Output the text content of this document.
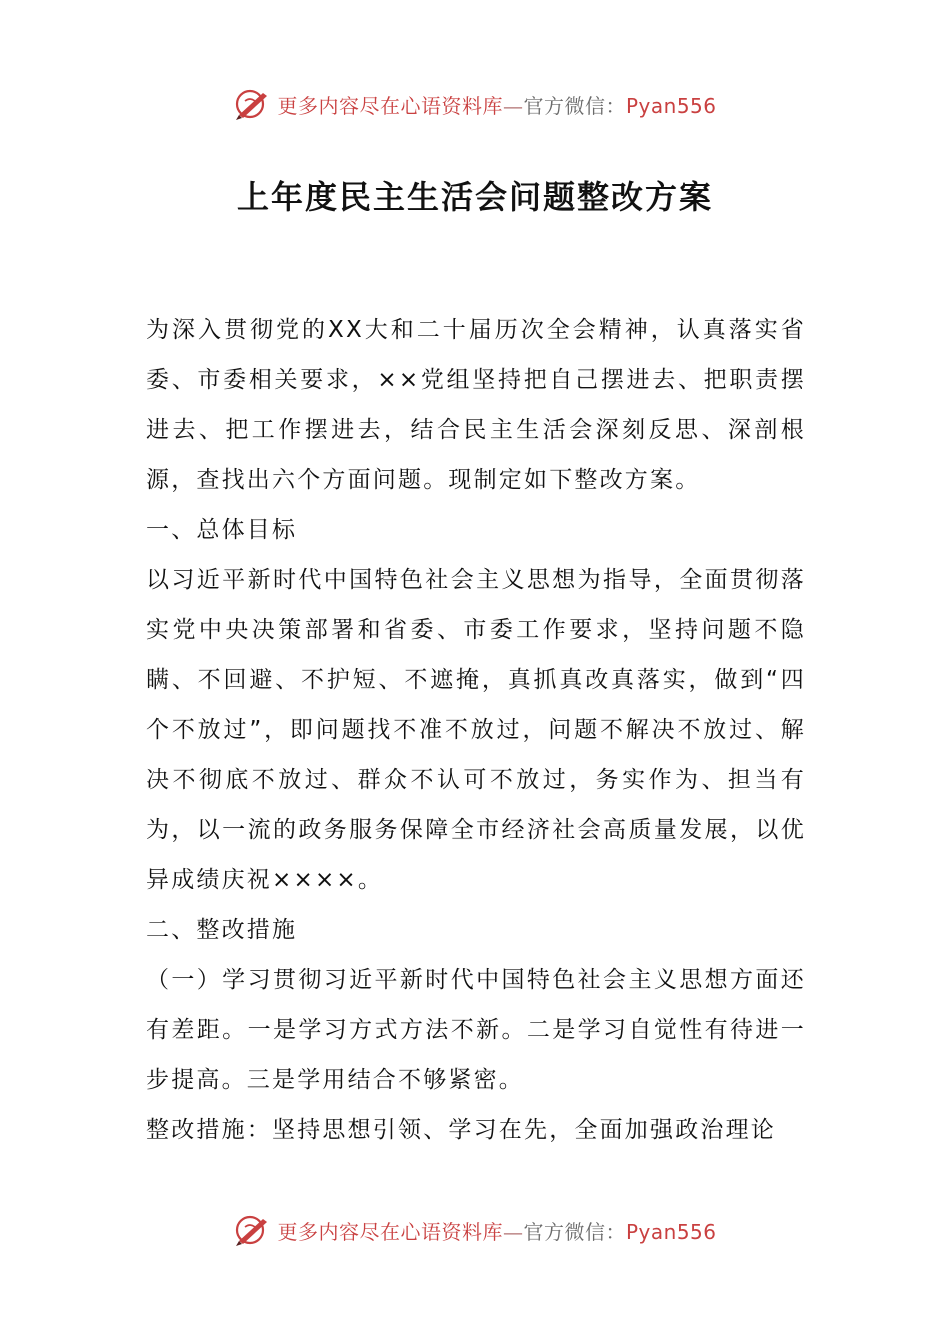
更多内容尽在心语资料库—官方微信：Pyan556
上年度民主生活会问题整改方案

为深入贯彻党的XX大和二十届历次全会精神，认真落实省委、市委相关要求，××党组坚持把自己摆进去、把职责摆进去、把工作摆进去，结合民主生活会深刻反思、深剖根源，查找出六个方面问题。现制定如下整改方案。

一、总体目标

以习近平新时代中国特色社会主义思想为指导，全面贯彻落实党中央决策部署和省委、市委工作要求，坚持问题不隐瞒、不回避、不护短、不遮掩，真抓真改真落实，做到“四个不放过”，即问题找不准不放过，问题不解决不放过、解决不彻底不放过、群众不认可不放过，务实作为、担当有为，以一流的政务服务保障全市经济社会高质量发展，以优异成绩庆祝××××。

二、整改措施

（一）学习贯彻习近平新时代中国特色社会主义思想方面还有差距。一是学习方式方法不新。二是学习自觉性有待进一步提高。三是学用结合不够紧密。

整改措施：坚持思想引领、学习在先，全面加强政治理论

更多内容尽在心语资料库—官方微信：Pyan556
